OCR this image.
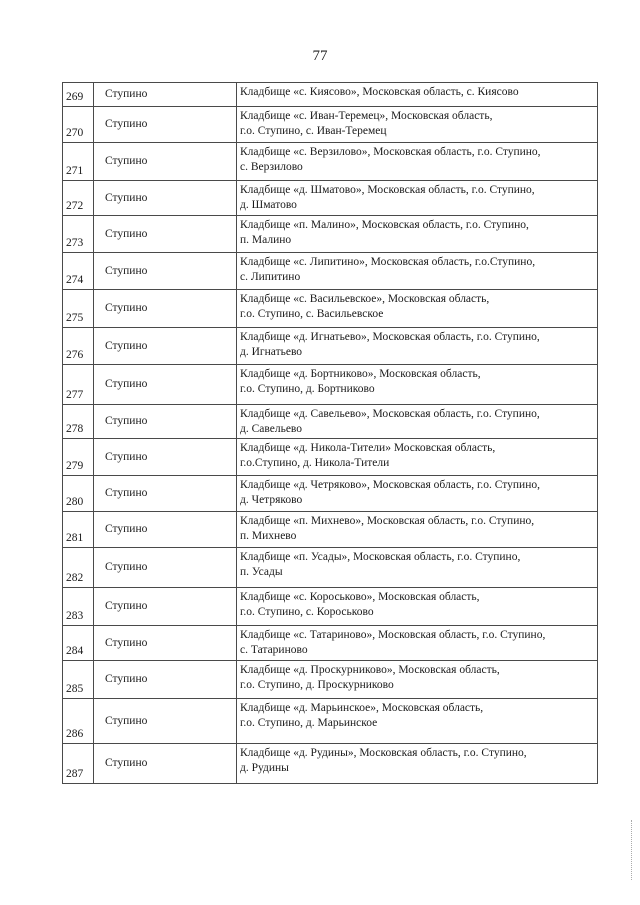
77
269	Ступино	Кладбище «с. Киясово», Московская область, с. Киясово

270	Ступино	Кладбище «с. Иван-Теремец», Московская область,
г.о. Ступино, с. Иван-Теремец

271	Ступино	Кладбище «с. Верзилово», Московская область, г.о. Ступино,
с. Верзилово

272	Ступино	Кладбище «д. Шматово», Московская область, г.о. Ступино,
д. Шматово

273	Ступино	Кладбище «п. Малино», Московская область, г.о. Ступино,
п. Малино

274	Ступино	Кладбище «с. Липитино», Московская область, г.о.Ступино,
с. Липитино

275	Ступино	Кладбище «с. Васильевское», Московская область,
г.о. Ступино, с. Васильевское

276	Ступино	Кладбище «д. Игнатьево», Московская область, г.о. Ступино,
д. Игнатьево

277	Ступино	Кладбище «д. Бортниково», Московская область,
г.о. Ступино, д. Бортниково

278	Ступино	Кладбище «д. Савельево», Московская область, г.о. Ступино,
д. Савельево

279	Ступино	Кладбище «д. Никола-Тители» Московская область,
г.о.Ступино, д. Никола-Тители

280	Ступино	Кладбище «д. Четряково», Московская область, г.о. Ступино,
д. Четряково

281	Ступино	Кладбище «п. Михнево», Московская область, г.о. Ступино,
п. Михнево

282	Ступино	Кладбище «п. Усады», Московская область, г.о. Ступино,
п. Усады

283	Ступино	Кладбище «с. Короськово», Московская область,
г.о. Ступино, с. Короськово

284	Ступино	Кладбище «с. Татариново», Московская область, г.о. Ступино,
с. Татариново

285	Ступино	Кладбище «д. Проскурниково», Московская область,
г.о. Ступино, д. Проскурниково

286	Ступино	Кладбище «д. Марьинское», Московская область,
г.о. Ступино, д. Марьинское

287	Ступино	Кладбище «д. Рудины», Московская область, г.о. Ступино,
д. Рудины
